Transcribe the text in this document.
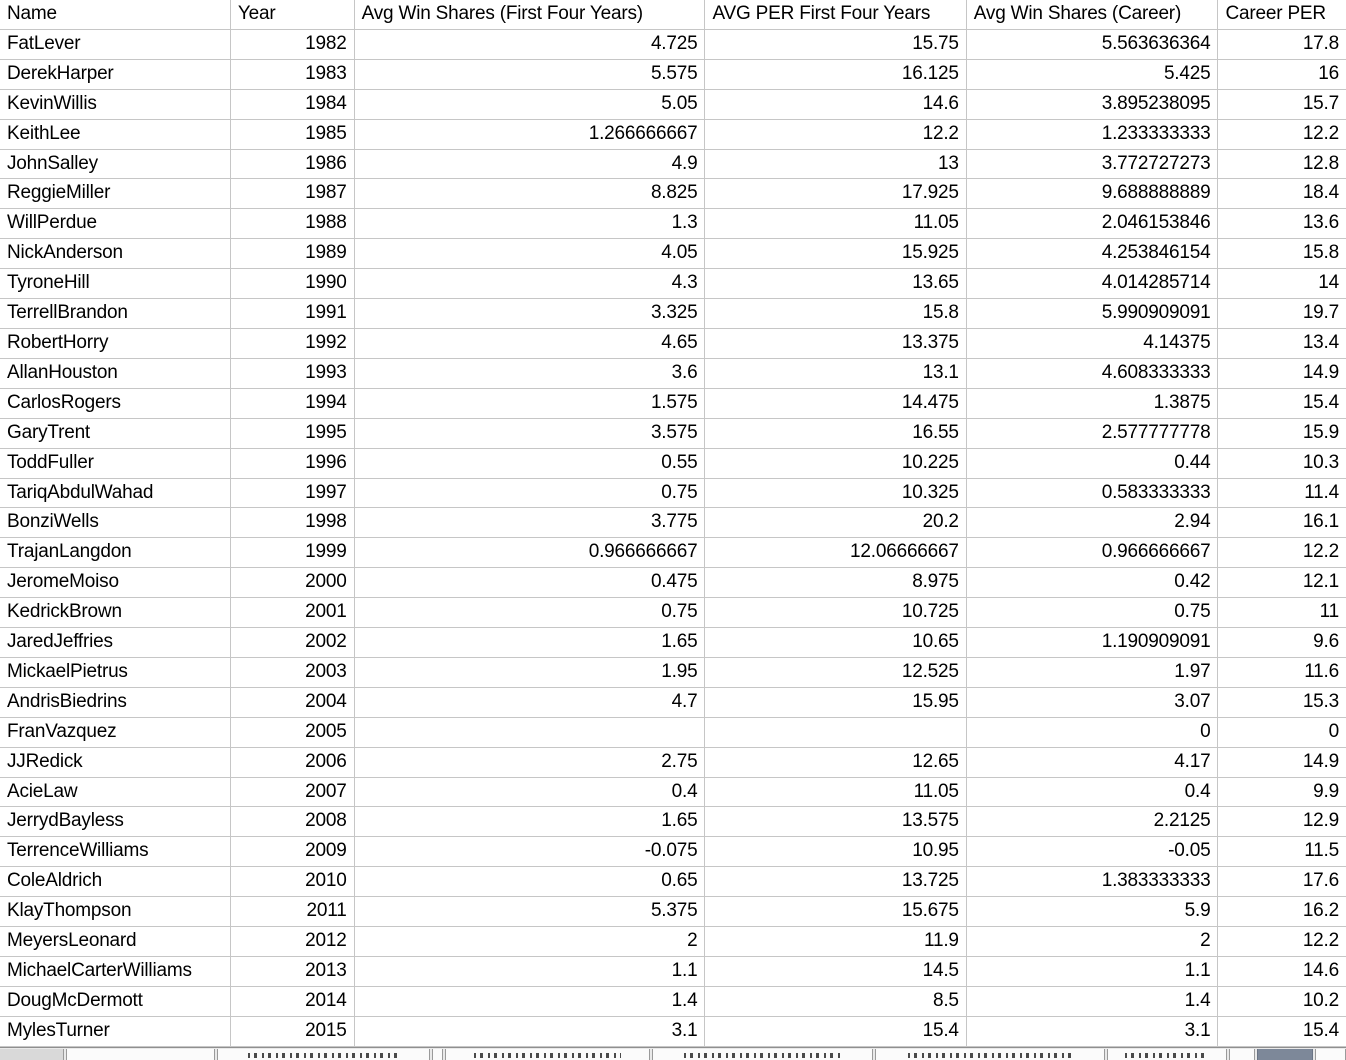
Name	Year	Avg Win Shares (First Four Years)	AVG PER First Four Years	Avg Win Shares (Career)	Career PER
FatLever	1982	4.725	15.75	5.563636364	17.8
DerekHarper	1983	5.575	16.125	5.425	16
KevinWillis	1984	5.05	14.6	3.895238095	15.7
KeithLee	1985	1.266666667	12.2	1.233333333	12.2
JohnSalley	1986	4.9	13	3.772727273	12.8
ReggieMiller	1987	8.825	17.925	9.688888889	18.4
WillPerdue	1988	1.3	11.05	2.046153846	13.6
NickAnderson	1989	4.05	15.925	4.253846154	15.8
TyroneHill	1990	4.3	13.65	4.014285714	14
TerrellBrandon	1991	3.325	15.8	5.990909091	19.7
RobertHorry	1992	4.65	13.375	4.14375	13.4
AllanHouston	1993	3.6	13.1	4.608333333	14.9
CarlosRogers	1994	1.575	14.475	1.3875	15.4
GaryTrent	1995	3.575	16.55	2.577777778	15.9
ToddFuller	1996	0.55	10.225	0.44	10.3
TariqAbdulWahad	1997	0.75	10.325	0.583333333	11.4
BonziWells	1998	3.775	20.2	2.94	16.1
TrajanLangdon	1999	0.966666667	12.06666667	0.966666667	12.2
JeromeMoiso	2000	0.475	8.975	0.42	12.1
KedrickBrown	2001	0.75	10.725	0.75	11
JaredJeffries	2002	1.65	10.65	1.190909091	9.6
MickaelPietrus	2003	1.95	12.525	1.97	11.6
AndrisBiedrins	2004	4.7	15.95	3.07	15.3
FranVazquez	2005			0	0
JJRedick	2006	2.75	12.65	4.17	14.9
AcieLaw	2007	0.4	11.05	0.4	9.9
JerrydBayless	2008	1.65	13.575	2.2125	12.9
TerrenceWilliams	2009	-0.075	10.95	-0.05	11.5
ColeAldrich	2010	0.65	13.725	1.383333333	17.6
KlayThompson	2011	5.375	15.675	5.9	16.2
MeyersLeonard	2012	2	11.9	2	12.2
MichaelCarterWilliams	2013	1.1	14.5	1.1	14.6
DougMcDermott	2014	1.4	8.5	1.4	10.2
MylesTurner	2015	3.1	15.4	3.1	15.4
